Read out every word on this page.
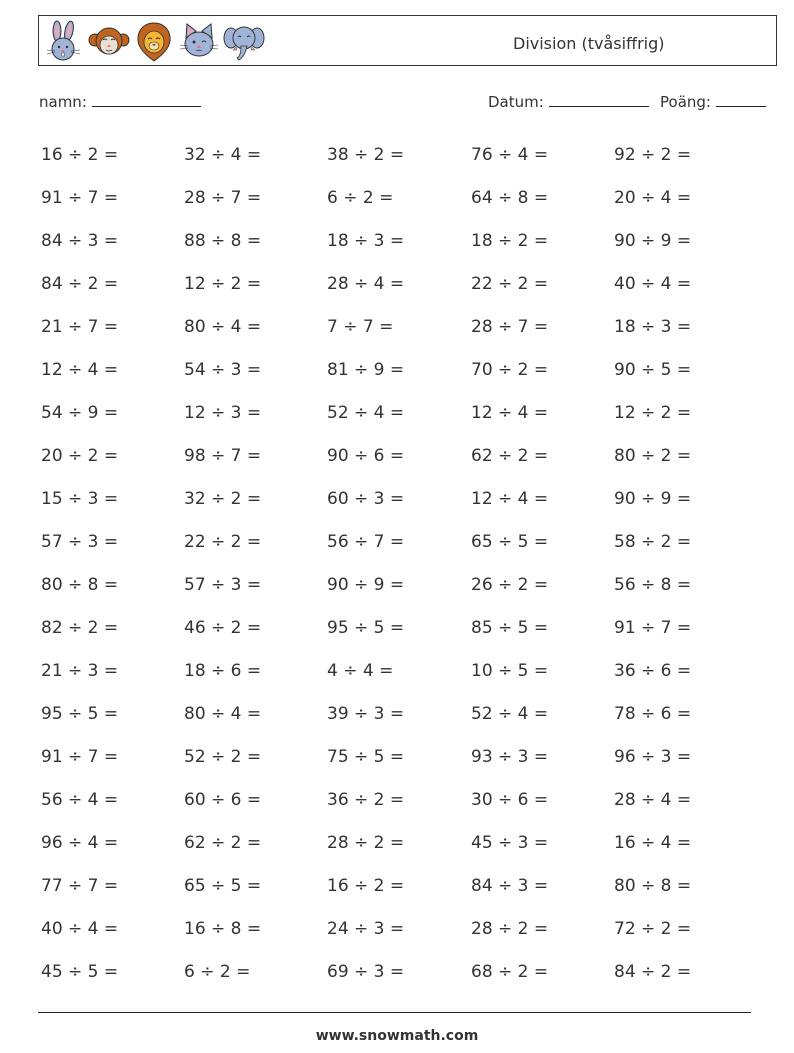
Division (tvåsiffrig)
namn:	Datum:	Poäng:
16 ÷ 2 =	32 ÷ 4 =	38 ÷ 2 =	76 ÷ 4 =	92 ÷ 2 =
91 ÷ 7 =	28 ÷ 7 =	6 ÷ 2 =	64 ÷ 8 =	20 ÷ 4 =
84 ÷ 3 =	88 ÷ 8 =	18 ÷ 3 =	18 ÷ 2 =	90 ÷ 9 =
84 ÷ 2 =	12 ÷ 2 =	28 ÷ 4 =	22 ÷ 2 =	40 ÷ 4 =
21 ÷ 7 =	80 ÷ 4 =	7 ÷ 7 =	28 ÷ 7 =	18 ÷ 3 =
12 ÷ 4 =	54 ÷ 3 =	81 ÷ 9 =	70 ÷ 2 =	90 ÷ 5 =
54 ÷ 9 =	12 ÷ 3 =	52 ÷ 4 =	12 ÷ 4 =	12 ÷ 2 =
20 ÷ 2 =	98 ÷ 7 =	90 ÷ 6 =	62 ÷ 2 =	80 ÷ 2 =
15 ÷ 3 =	32 ÷ 2 =	60 ÷ 3 =	12 ÷ 4 =	90 ÷ 9 =
57 ÷ 3 =	22 ÷ 2 =	56 ÷ 7 =	65 ÷ 5 =	58 ÷ 2 =
80 ÷ 8 =	57 ÷ 3 =	90 ÷ 9 =	26 ÷ 2 =	56 ÷ 8 =
82 ÷ 2 =	46 ÷ 2 =	95 ÷ 5 =	85 ÷ 5 =	91 ÷ 7 =
21 ÷ 3 =	18 ÷ 6 =	4 ÷ 4 =	10 ÷ 5 =	36 ÷ 6 =
95 ÷ 5 =	80 ÷ 4 =	39 ÷ 3 =	52 ÷ 4 =	78 ÷ 6 =
91 ÷ 7 =	52 ÷ 2 =	75 ÷ 5 =	93 ÷ 3 =	96 ÷ 3 =
56 ÷ 4 =	60 ÷ 6 =	36 ÷ 2 =	30 ÷ 6 =	28 ÷ 4 =
96 ÷ 4 =	62 ÷ 2 =	28 ÷ 2 =	45 ÷ 3 =	16 ÷ 4 =
77 ÷ 7 =	65 ÷ 5 =	16 ÷ 2 =	84 ÷ 3 =	80 ÷ 8 =
40 ÷ 4 =	16 ÷ 8 =	24 ÷ 3 =	28 ÷ 2 =	72 ÷ 2 =
45 ÷ 5 =	6 ÷ 2 =	69 ÷ 3 =	68 ÷ 2 =	84 ÷ 2 =
www.snowmath.com
